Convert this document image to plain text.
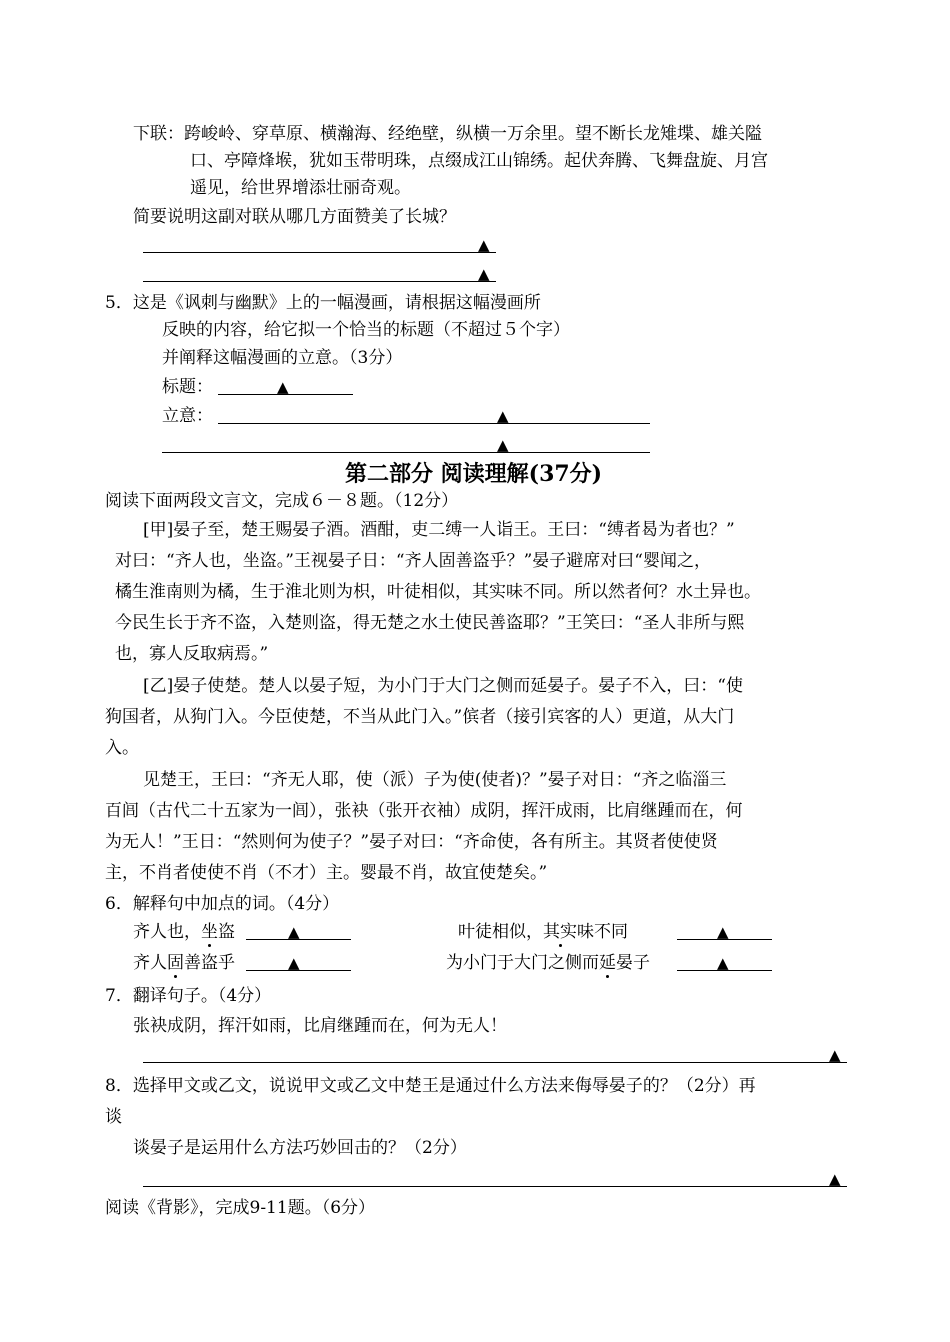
下联：跨峻岭、穿草原、横瀚海、经绝壁，纵横一万余里。望不断长龙雉堞、雄关隘
口、亭障烽堠，犹如玉带明珠，点缀成江山锦绣。起伏奔腾、飞舞盘旋、月宫
遥见，给世界增添壮丽奇观。
简要说明这副对联从哪几方面赞美了长城？
▲
▲
5．这是《讽刺与幽默》上的一幅漫画，请根据这幅漫画所
反映的内容，给它拟一个恰当的标题（不超过５个字）
并阐释这幅漫画的立意。（3分）
标题：	▲
立意：	▲
▲
第二部分 阅读理解(37分)
阅读下面两段文言文，完成６－８题。（12分）
[甲]晏子至，楚王赐晏子酒。酒酣，吏二缚一人诣王。王曰：“缚者曷为者也？”
对曰：“齐人也，坐盗。”王视晏子日：“齐人固善盗乎？”晏子避席对曰“婴闻之，
橘生淮南则为橘，生于淮北则为枳，叶徒相似，其实味不同。所以然者何？水土异也。
今民生长于齐不盗，入楚则盗，得无楚之水土使民善盗耶？”王笑曰：“圣人非所与熙
也，寡人反取病焉。”
[乙]晏子使楚。楚人以晏子短，为小门于大门之侧而延晏子。晏子不入，曰：“使
狗国者，从狗门入。今臣使楚，不当从此门入。”傧者（接引宾客的人）更道，从大门
入。
见楚王，王曰：“齐无人耶，使（派）子为使(使者)？”晏子对日：“齐之临淄三
百闾（古代二十五家为一闾），张袂（张开衣袖）成阴，挥汗成雨，比肩继踵而在，何
为无人！”王日：“然则何为使子？”晏子对曰：“齐命使，各有所主。其贤者使使贤
主，不肖者使使不肖（不才）主。婴最不肖，故宜使楚矣。”
6．解释句中加点的词。（4分）
齐人也，坐盗	▲	叶徒相似，其实味不同	▲
齐人固善盗乎	▲	为小门于大门之侧而延晏子	▲
7．翻译句子。（4分）
张袂成阴，挥汗如雨，比肩继踵而在，何为无人！
▲
8．选择甲文或乙文，说说甲文或乙文中楚王是通过什么方法来侮辱晏子的？（2分）再
谈
谈晏子是运用什么方法巧妙回击的？（2分）
▲
阅读《背影》，完成9-11题。（6分）
